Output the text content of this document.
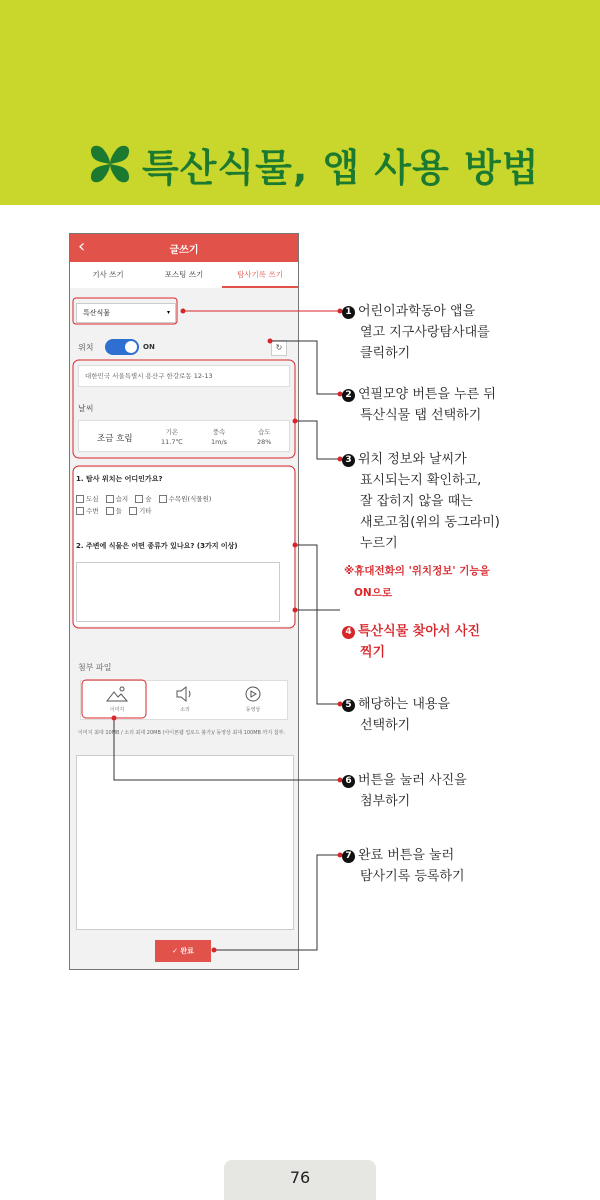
특산식물, 앱 사용 방법
‹	글쓰기
기사 쓰기	포스팅 쓰기	탐사기록 쓰기
특산식물	▾
위치	ON	↻
대한민국 서울특별시 용산구 한강로동 12-13
날씨
조금 흐림
기온
11.7℃
풍속
1m/s
습도
28%
1. 탐사 위치는 어디인가요?
도심	습지	숲	수목원(식물원)
수변	들	기타
2. 주변에 식물은 어떤 종류가 있나요? (3가지 이상)
첨부 파일
이미지	소리	동영상
이미지 최대 10MB / 소리 최대 20MB (아이폰웹 업로드 불가)/ 동영상 최대 100MB 까지 첨부.
✓ 완료
1 어린이과학동아 앱을
열고 지구사랑탐사대를
클릭하기
2 연필모양 버튼을 누른 뒤
특산식물 탭 선택하기
3 위치 정보와 날씨가
표시되는지 확인하고,
잘 잡히지 않을 때는
새로고침(위의 동그라미)
누르기
※휴대전화의 '위치정보' 기능을
ON으로
4 특산식물 찾아서 사진
찍기
5 해당하는 내용을
선택하기
6 버튼을 눌러 사진을
첨부하기
7 완료 버튼을 눌러
탐사기록 등록하기
76
